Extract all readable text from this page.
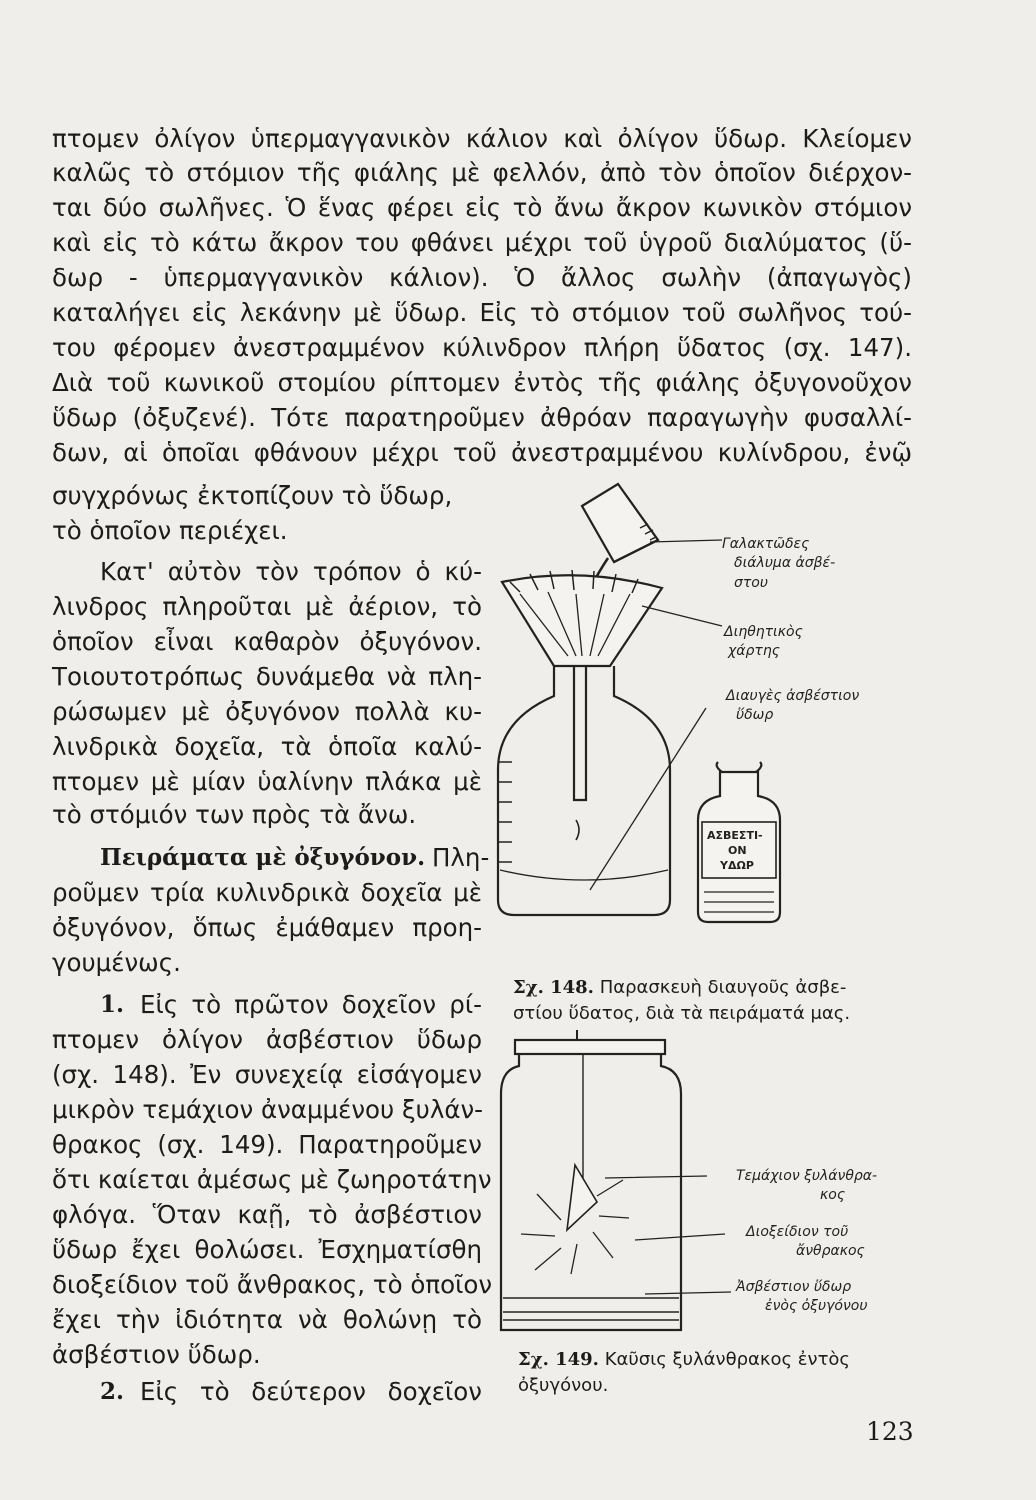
πτομεν ὀλίγον ὑπερμαγγανικὸν κάλιον καὶ ὀλίγον ὕδωρ. Κλείομεν
καλῶς τὸ στόμιον τῆς φιάλης μὲ φελλόν, ἀπὸ τὸν ὁποῖον διέρχον-
ται δύο σωλῆνες. Ὁ ἕνας φέρει εἰς τὸ ἄνω ἄκρον κωνικὸν στόμιον
καὶ εἰς τὸ κάτω ἄκρον του φθάνει μέχρι τοῦ ὑγροῦ διαλύματος (ὕ-
δωρ - ὑπερμαγγανικὸν κάλιον). Ὁ ἄλλος σωλὴν (ἀπαγωγὸς)
καταλήγει εἰς λεκάνην μὲ ὕδωρ. Εἰς τὸ στόμιον τοῦ σωλῆνος τού-
του φέρομεν ἀνεστραμμένον κύλινδρον πλήρη ὕδατος (σχ. 147).
Διὰ τοῦ κωνικοῦ στομίου ρίπτομεν ἐντὸς τῆς φιάλης ὀξυγονοῦχον
ὕδωρ (ὀξυζενέ). Τότε παρατηροῦμεν ἀθρόαν παραγωγὴν φυσαλλί-
δων, αἱ ὁποῖαι φθάνουν μέχρι τοῦ ἀνεστραμμένου κυλίνδρου, ἐνῷ
συγχρόνως ἐκτοπίζουν τὸ ὕδωρ,
τὸ ὁποῖον περιέχει.
Κατ' αὐτὸν τὸν τρόπον ὁ κύ-
λινδρος πληροῦται μὲ ἀέριον, τὸ
ὁποῖον εἶναι καθαρὸν ὀξυγόνον.
Τοιουτοτρόπως δυνάμεθα νὰ πλη-
ρώσωμεν μὲ ὀξυγόνον πολλὰ κυ-
λινδρικὰ δοχεῖα, τὰ ὁποῖα καλύ-
πτομεν μὲ μίαν ὑαλίνην πλάκα μὲ
τὸ στόμιόν των πρὸς τὰ ἄνω.
Πειράματα μὲ ὀξυγόνον. Πλη-
ροῦμεν τρία κυλινδρικὰ δοχεῖα μὲ
ὀξυγόνον, ὅπως ἐμάθαμεν προη-
γουμένως.
1. Εἰς τὸ πρῶτον δοχεῖον ρί-
πτομεν ὀλίγον ἀσβέστιον ὕδωρ
(σχ. 148). Ἐν συνεχείᾳ εἰσάγομεν
μικρὸν τεμάχιον ἀναμμένου ξυλάν-
θρακος (σχ. 149). Παρατηροῦμεν
ὅτι καίεται ἀμέσως μὲ ζωηροτάτην
φλόγα. Ὅταν καῇ, τὸ ἀσβέστιον
ὕδωρ ἔχει θολώσει. Ἐσχηματίσθη
διοξείδιον τοῦ ἄνθρακος, τὸ ὁποῖον
ἔχει τὴν ἰδιότητα νὰ θολώνῃ τὸ
ἀσβέστιον ὕδωρ.
2. Εἰς τὸ δεύτερον δοχεῖον
Γαλακτῶδες
διάλυμα ἀσβέ-
στου
Διηθητικὸς
χάρτης
Διαυγὲς ἀσβέστιον
ὕδωρ
ΑΣΒΕΣΤΙ-
ΟΝ
ΥΔΩΡ
Σχ. 148. Παρασκευὴ διαυγοῦς ἀσβε-
στίου ὕδατος, διὰ τὰ πειράματά μας.
Τεμάχιον ξυλάνθρα-
κος
Διοξείδιον τοῦ
ἄνθρακος
Ἀσβέστιον ὕδωρ
ἐνὸς ὀξυγόνου
Σχ. 149. Καῦσις ξυλάνθρακος ἐντὸς
ὀξυγόνου.
123
